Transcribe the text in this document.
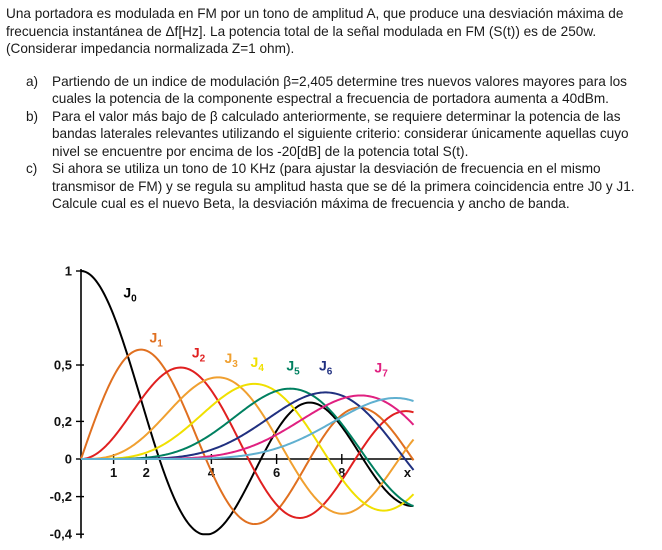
Una portadora es modulada en FM por un tono de amplitud A, que produce una desviación máxima de frecuencia instantánea de Δf[Hz]. La potencia total de la señal modulada en FM (S(t)) es de 250w. (Considerar impedancia normalizada Z=1 ohm).

a) Partiendo de un indice de modulación β=2,405 determine tres nuevos valores mayores para los cuales la potencia de la componente espectral a frecuencia de portadora aumenta a 40dBm.
b) Para el valor más bajo de β calculado anteriormente, se requiere determinar la potencia de las bandas laterales relevantes utilizando el siguiente criterio: considerar únicamente aquellas cuyo nivel se encuentre por encima de los -20[dB] de la potencia total S(t).
c) Si ahora se utiliza un tono de 10 KHz (para ajustar la desviación de frecuencia en el mismo transmisor de FM) y se regula su amplitud hasta que se dé la primera coincidencia entre J0 y J1. Calcule cual es el nuevo Beta, la desviación máxima de frecuencia y ancho de banda.
1
0,5
0,2
0
-0,2
-0,4
1 2	4	6	8	x
$J_0$
$J_1$
$J_2$ $J_3$ $J_4$ $J_5$ $J_6$	$J_7$
